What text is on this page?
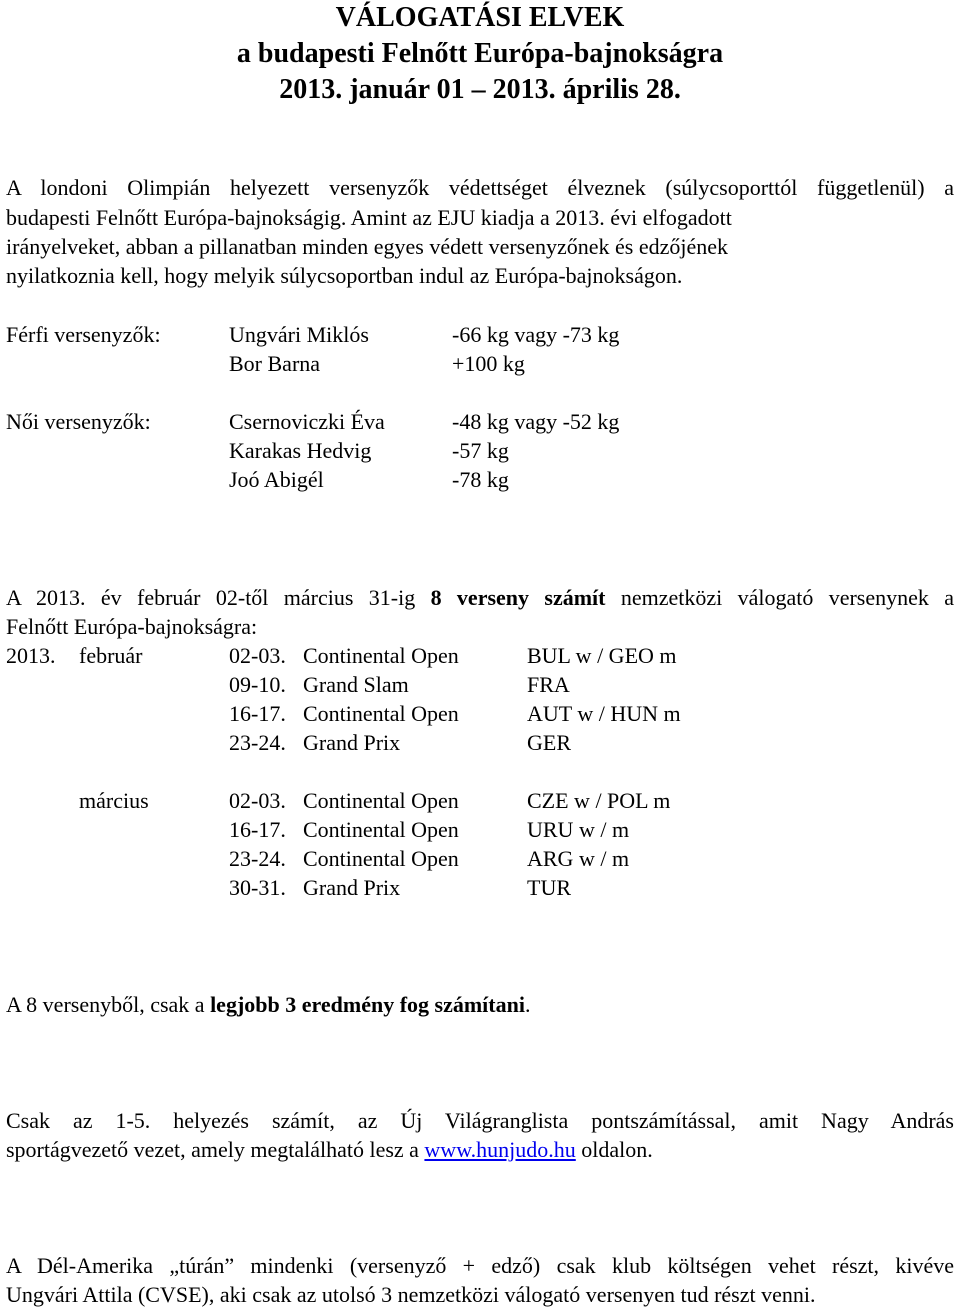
VÁLOGATÁSI ELVEK
a budapesti Felnőtt Európa-bajnokságra
2013. január 01 – 2013. április 28.
A londoni Olimpián helyezett versenyzők védettséget élveznek (súlycsoporttól függetlenül) a
budapesti Felnőtt Európa-bajnokságig. Amint az EJU kiadja a 2013. évi elfogadott
irányelveket, abban a pillanatban minden egyes védett versenyzőnek és edzőjének
nyilatkoznia kell, hogy melyik súlycsoportban indul az Európa-bajnokságon.
Férfi versenyzők:	Ungvári Miklós	-66 kg vagy -73 kg
Bor Barna	+100 kg
Női versenyzők:	Csernoviczki Éva	-48 kg vagy -52 kg
Karakas Hedvig	-57 kg
Joó Abigél	-78 kg
A 2013. év február 02-től március 31-ig 8 verseny számít nemzetközi válogató versenynek a
Felnőtt Európa-bajnokságra:
2013. február	02-03. Continental Open	BUL w / GEO m
09-10. Grand Slam	FRA
16-17. Continental Open	AUT w / HUN m
23-24. Grand Prix	GER
március	02-03. Continental Open	CZE w / POL m
16-17. Continental Open	URU w / m
23-24. Continental Open	ARG w / m
30-31. Grand Prix	TUR
A 8 versenyből, csak a legjobb 3 eredmény fog számítani.
Csak az 1-5. helyezés számít, az Új Világranglista pontszámítással, amit Nagy András
sportágvezető vezet, amely megtalálható lesz a www.hunjudo.hu oldalon.
A Dél-Amerika „túrán” mindenki (versenyző + edző) csak klub költségen vehet részt, kivéve
Ungvári Attila (CVSE), aki csak az utolsó 3 nemzetközi válogató versenyen tud részt venni.
